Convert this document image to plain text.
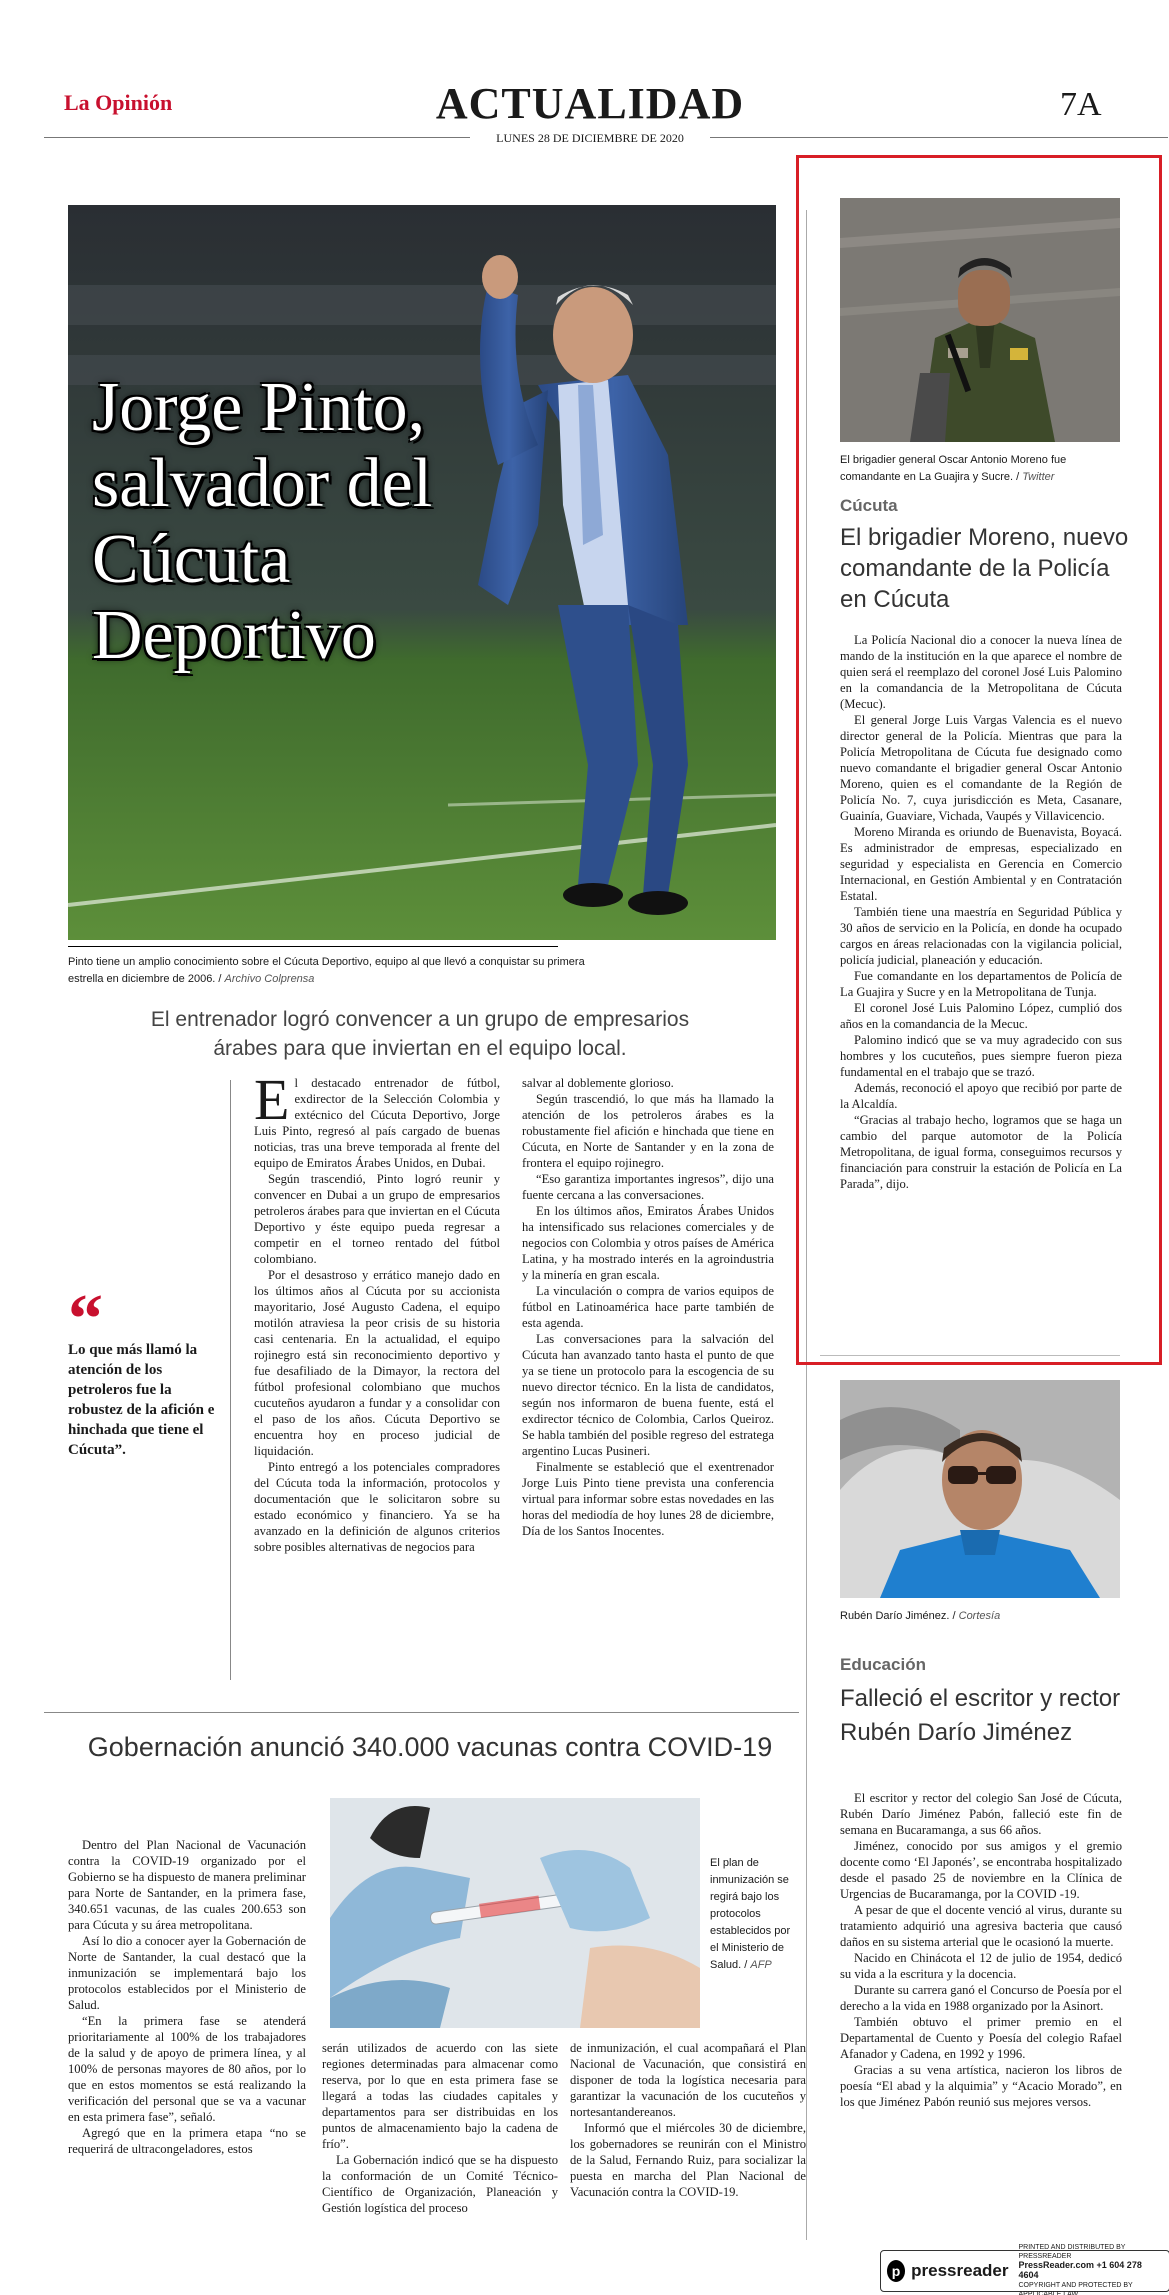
La Opinión	ACTUALIDAD	7A
LUNES 28 DE DICIEMBRE DE 2020
Jorge Pinto, salvador del Cúcuta Deportivo
Pinto tiene un amplio conocimiento sobre el Cúcuta Deportivo, equipo al que llevó a conquistar su primera estrella en diciembre de 2006. / Archivo Colprensa
El entrenador logró convencer a un grupo de empresarios árabes para que inviertan en el equipo local.
“
Lo que más llamó la atención de los petroleros fue la robustez de la afición e hinchada que tiene el Cúcuta”.

El destacado entrenador de fútbol, exdirector de la Selección Colombia y extécnico del Cúcuta Deportivo, Jorge Luis Pinto, regresó al país cargado de buenas noticias, tras una breve temporada al frente del equipo de Emiratos Árabes Unidos, en Dubai.

Según trascendió, Pinto logró reunir y convencer en Dubai a un grupo de empresarios petroleros árabes para que inviertan en el Cúcuta Deportivo y éste equipo pueda regresar a competir en el torneo rentado del fútbol colombiano.

Por el desastroso y errático manejo dado en los últimos años al Cúcuta por su accionista mayoritario, José Augusto Cadena, el equipo motilón atraviesa la peor crisis de su historia casi centenaria. En la actualidad, el equipo rojinegro está sin reconocimiento deportivo y fue desafiliado de la Dimayor, la rectora del fútbol profesional colombiano que muchos cucuteños ayudaron a fundar y a consolidar con el paso de los años. Cúcuta Deportivo se encuentra hoy en proceso judicial de liquidación.

Pinto entregó a los potenciales compradores del Cúcuta toda la información, protocolos y documentación que le solicitaron sobre su estado económico y financiero. Ya se ha avanzado en la definición de algunos criterios sobre posibles alternativas de negocios para

salvar al doblemente glorioso.

Según trascendió, lo que más ha llamado la atención de los petroleros árabes es la robustamente fiel afición e hinchada que tiene en Cúcuta, en Norte de Santander y en la zona de frontera el equipo rojinegro.

“Eso garantiza importantes ingresos”, dijo una fuente cercana a las conversaciones.

En los últimos años, Emiratos Árabes Unidos ha intensificado sus relaciones comerciales y de negocios con Colombia y otros países de América Latina, y ha mostrado interés en la agroindustria y la minería en gran escala.

La vinculación o compra de varios equipos de fútbol en Latinoamérica hace parte también de esta agenda.

Las conversaciones para la salvación del Cúcuta han avanzado tanto hasta el punto de que ya se tiene un protocolo para la escogencia de su nuevo director técnico. En la lista de candidatos, según nos informaron de buena fuente, está el exdirector técnico de Colombia, Carlos Queiroz. Se habla también del posible regreso del estratega argentino Lucas Pusineri.

Finalmente se estableció que el exentrenador Jorge Luis Pinto tiene prevista una conferencia virtual para informar sobre estas novedades en las horas del mediodía de hoy lunes 28 de diciembre, Día de los Santos Inocentes.

El brigadier general Oscar Antonio Moreno fue comandante en La Guajira y Sucre. / Twitter
Cúcuta
El brigadier Moreno, nuevo comandante de la Policía en Cúcuta

La Policía Nacional dio a conocer la nueva línea de mando de la institución en la que aparece el nombre de quien será el reemplazo del coronel José Luis Palomino en la comandancia de la Metropolitana de Cúcuta (Mecuc).

El general Jorge Luis Vargas Valencia es el nuevo director general de la Policía. Mientras que para la Policía Metropolitana de Cúcuta fue designado como nuevo comandante el brigadier general Oscar Antonio Moreno, quien es el comandante de la Región de Policía No. 7, cuya jurisdicción es Meta, Casanare, Guainía, Guaviare, Vichada, Vaupés y Villavicencio.

Moreno Miranda es oriundo de Buenavista, Boyacá. Es administrador de empresas, especializado en seguridad y especialista en Gerencia en Comercio Internacional, en Gestión Ambiental y en Contratación Estatal.

También tiene una maestría en Seguridad Pública y 30 años de servicio en la Policía, en donde ha ocupado cargos en áreas relacionadas con la vigilancia policial, policía judicial, planeación y educación.

Fue comandante en los departamentos de Policía de La Guajira y Sucre y en la Metropolitana de Tunja.

El coronel José Luis Palomino López, cumplió dos años en la comandancia de la Mecuc.

Palomino indicó que se va muy agradecido con sus hombres y los cucuteños, pues siempre fueron pieza fundamental en el trabajo que se trazó.

Además, reconoció el apoyo que recibió por parte de la Alcaldía.

“Gracias al trabajo hecho, logramos que se haga un cambio del parque automotor de la Policía Metropolitana, de igual forma, conseguimos recursos y financiación para construir la estación de Policía en La Parada”, dijo.

Rubén Darío Jiménez. / Cortesía
Educación
Falleció el escritor y rector Rubén Darío Jiménez

El escritor y rector del colegio San José de Cúcuta, Rubén Darío Jiménez Pabón, falleció este fin de semana en Bucaramanga, a sus 66 años.

Jiménez, conocido por sus amigos y el gremio docente como ‘El Japonés’, se encontraba hospitalizado desde el pasado 25 de noviembre en la Clínica de Urgencias de Bucaramanga, por la COVID -19.

A pesar de que el docente venció al virus, durante su tratamiento adquirió una agresiva bacteria que causó daños en su sistema arterial que le ocasionó la muerte.

Nacido en Chinácota el 12 de julio de 1954, dedicó su vida a la escritura y la docencia.

Durante su carrera ganó el Concurso de Poesía por el derecho a la vida en 1988 organizado por la Asinort.

También obtuvo el primer premio en el Departamental de Cuento y Poesía del colegio Rafael Afanador y Cadena, en 1992 y 1996.

Gracias a su vena artística, nacieron los libros de poesía “El abad y la alquimia” y “Acacio Morado”, en los que Jiménez Pabón reunió sus mejores versos.

Gobernación anunció 340.000 vacunas contra COVID-19

Dentro del Plan Nacional de Vacunación contra la COVID-19 organizado por el Gobierno se ha dispuesto de manera preliminar para Norte de Santander, en la primera fase, 340.651 vacunas, de las cuales 200.653 son para Cúcuta y su área metropolitana.

Así lo dio a conocer ayer la Gobernación de Norte de Santander, la cual destacó que la inmunización se implementará bajo los protocolos establecidos por el Ministerio de Salud.

“En la primera fase se atenderá prioritariamente al 100% de los trabajadores de la salud y de apoyo de primera línea, y al 100% de personas mayores de 80 años, por lo que en estos momentos se está realizando la verificación del personal que se va a vacunar en esta primera fase”, señaló.

Agregó que en la primera etapa “no se requerirá de ultracongeladores, estos

El plan de inmunización se regirá bajo los protocolos establecidos por el Ministerio de Salud. / AFP

serán utilizados de acuerdo con las siete regiones determinadas para almacenar como reserva, por lo que en esta primera fase se llegará a todas las ciudades capitales y departamentos para ser distribuidas en los puntos de almacenamiento bajo la cadena de frío”.

La Gobernación indicó que se ha dispuesto la conformación de un Comité Técnico-Científico de Organización, Planeación y Gestión logística del proceso

de inmunización, el cual acompañará el Plan Nacional de Vacunación, que consistirá en disponer de toda la logística necesaria para garantizar la vacunación de los cucuteños y nortesantandereanos.

Informó que el miércoles 30 de diciembre, los gobernadores se reunirán con el Ministro de la Salud, Fernando Ruiz, para socializar la puesta en marcha del Plan Nacional de Vacunación contra la COVID-19.

p pressreader
PRINTED AND DISTRIBUTED BY PRESSREADER
PressReader.com +1 604 278 4604
COPYRIGHT AND PROTECTED BY APPLICABLE LAW
